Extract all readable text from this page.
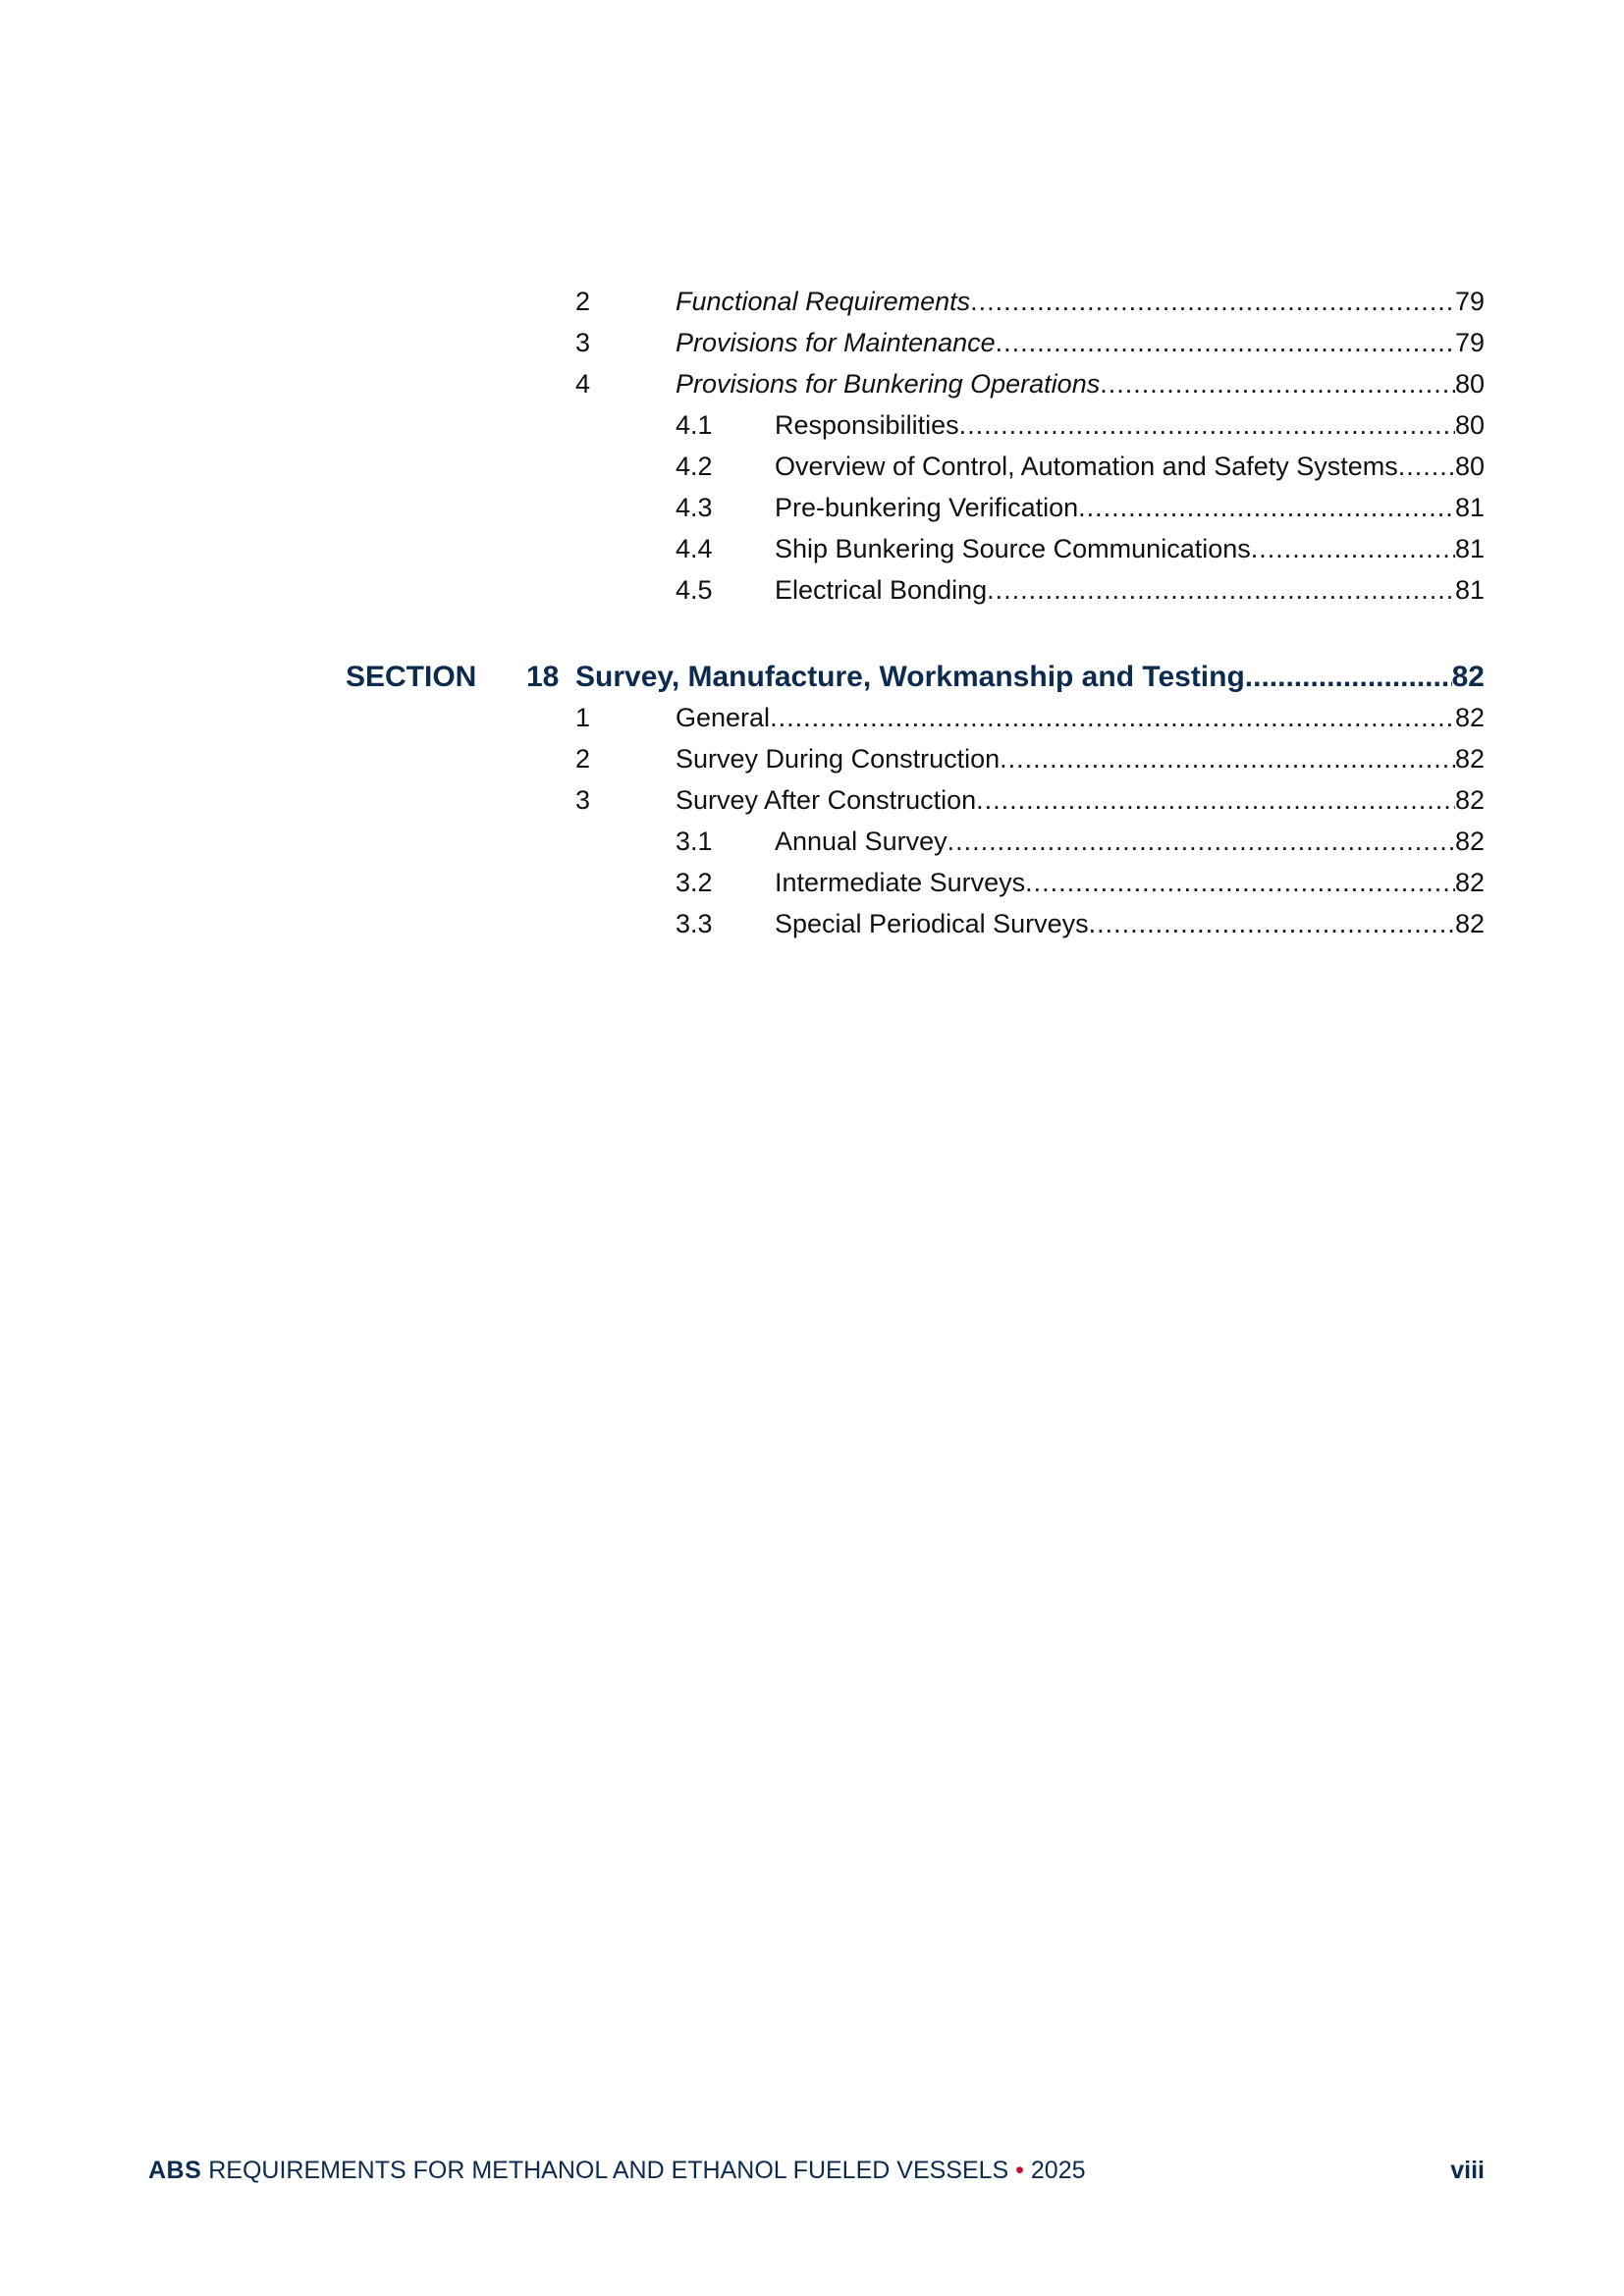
2	Functional Requirements .....	79
3	Provisions for Maintenance .....	79
4	Provisions for Bunkering Operations .....	80
4.1 Responsibilities .....	80
4.2 Overview of Control, Automation and Safety Systems ..... 80
4.3 Pre-bunkering Verification .....	81
4.4 Ship Bunkering Source Communications .....	81
4.5 Electrical Bonding .....	81
SECTION 18 Survey, Manufacture, Workmanship and Testing .....	82
1	General .....	82
2	Survey During Construction .....	82
3	Survey After Construction .....	82
3.1 Annual Survey .....	82
3.2 Intermediate Surveys .....	82
3.3 Special Periodical Surveys .....	82
ABS REQUIREMENTS FOR METHANOL AND ETHANOL FUELED VESSELS • 2025	viii
